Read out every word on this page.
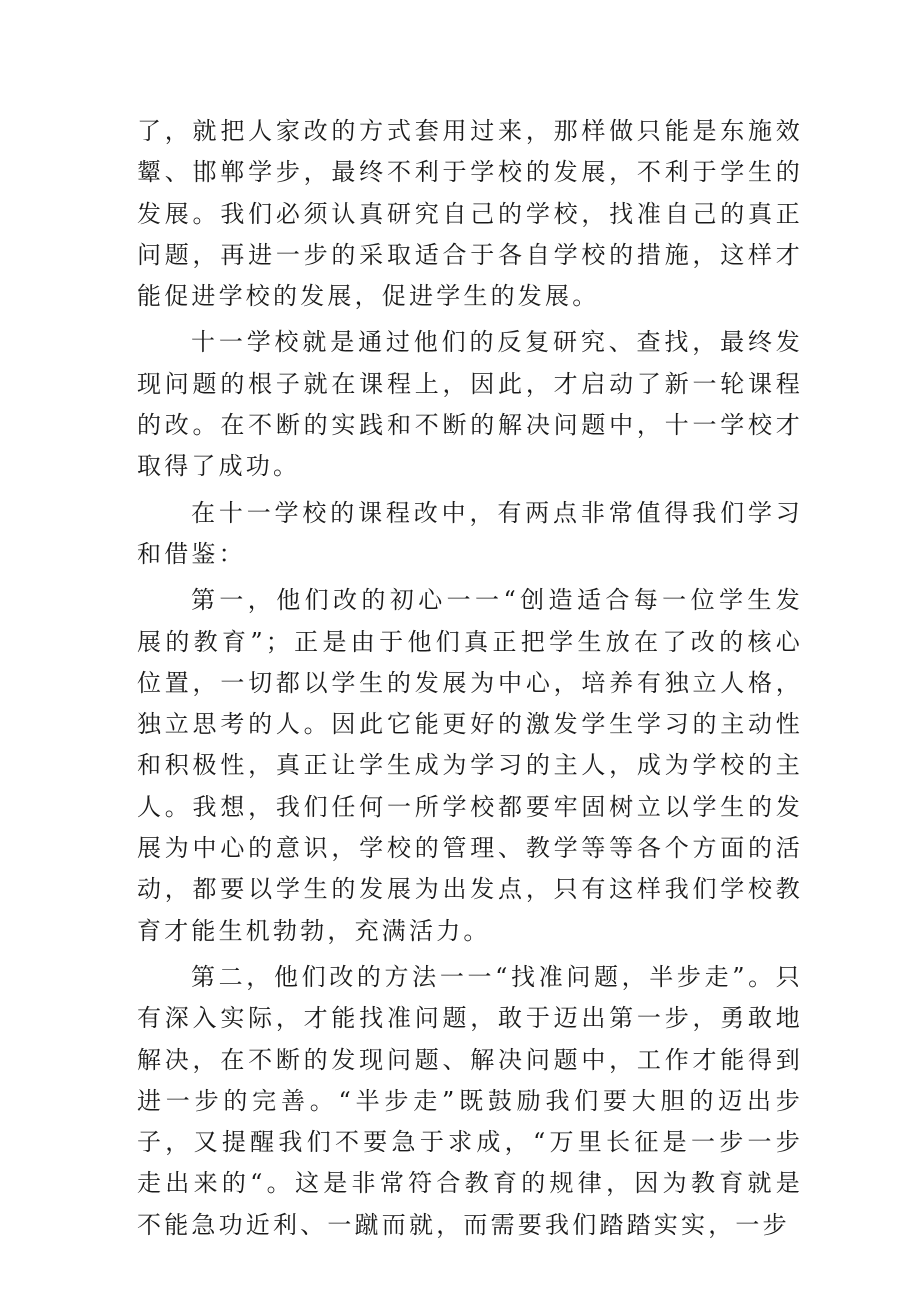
了，就把人家改的方式套用过来，那样做只能是东施效颦、邯郸学步，最终不利于学校的发展，不利于学生的发展。我们必须认真研究自己的学校，找准自己的真正问题，再进一步的采取适合于各自学校的措施，这样才能促进学校的发展，促进学生的发展。

十一学校就是通过他们的反复研究、查找，最终发现问题的根子就在课程上，因此，才启动了新一轮课程的改。在不断的实践和不断的解决问题中，十一学校才取得了成功。

在十一学校的课程改中，有两点非常值得我们学习和借鉴：

第一，他们改的初心一一“创造适合每一位学生发展的教育”；正是由于他们真正把学生放在了改的核心位置，一切都以学生的发展为中心，培养有独立人格，独立思考的人。因此它能更好的激发学生学习的主动性和积极性，真正让学生成为学习的主人，成为学校的主人。我想，我们任何一所学校都要牢固树立以学生的发展为中心的意识，学校的管理、教学等等各个方面的活动，都要以学生的发展为出发点，只有这样我们学校教育才能生机勃勃，充满活力。

第二，他们改的方法一一“找准问题，半步走”。只有深入实际，才能找准问题，敢于迈出第一步，勇敢地解决，在不断的发现问题、解决问题中，工作才能得到进一步的完善。“半步走”既鼓励我们要大胆的迈出步子，又提醒我们不要急于求成，“万里长征是一步一步走出来的“。这是非常符合教育的规律，因为教育就是不能急功近利、一蹴而就，而需要我们踏踏实实，一步
